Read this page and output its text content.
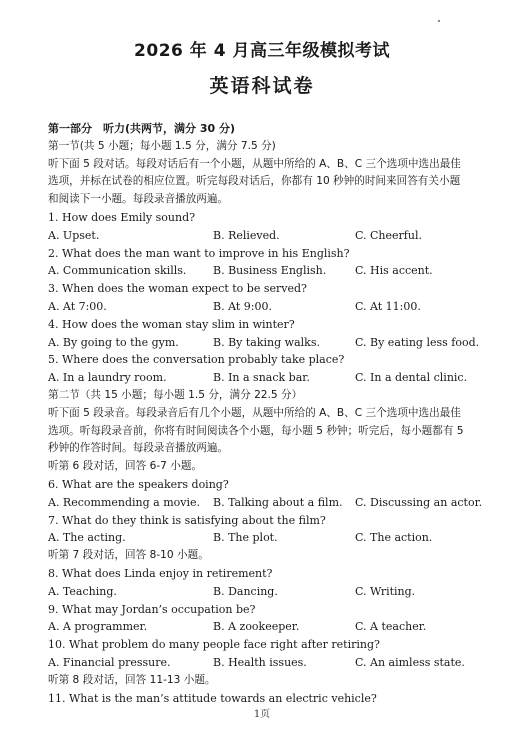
2026 年 4 月高三年级模拟考试
英语科试卷
第一部分　听力(共两节，满分 30 分)
第一节(共 5 小题；每小题 1.5 分，满分 7.5 分)
听下面 5 段对话。每段对话后有一个小题，从题中所给的 A、B、C 三个选项中选出最佳
选项，并标在试卷的相应位置。听完每段对话后，你都有 10 秒钟的时间来回答有关小题
和阅读下一小题。每段录音播放两遍。
1. How does Emily sound?
A. Upset.	B. Relieved.	C. Cheerful.
2. What does the man want to improve in his English?
A. Communication skills. B. Business English.	C. His accent.
3. When does the woman expect to be served?
A. At 7:00.	B. At 9:00.	C. At 11:00.
4. How does the woman stay slim in winter?
A. By going to the gym.	B. By taking walks.	C. By eating less food.
5. Where does the conversation probably take place?
A. In a laundry room.	B. In a snack bar.	C. In a dental clinic.
第二节（共 15 小题；每小题 1.5 分，满分 22.5 分）
听下面 5 段录音。每段录音后有几个小题，从题中所给的 A、B、C 三个选项中选出最佳
选项。听每段录音前，你将有时间阅读各个小题，每小题 5 秒钟；听完后，每小题都有 5
秒钟的作答时间。每段录音播放两遍。
听第 6 段对话，回答 6-7 小题。
6. What are the speakers doing?
A. Recommending a movie. B. Talking about a film. C. Discussing an actor.
7. What do they think is satisfying about the film?
A. The acting.	B. The plot.	C. The action.
听第 7 段对话，回答 8-10 小题。
8. What does Linda enjoy in retirement?
A. Teaching.	B. Dancing.	C. Writing.
9. What may Jordan’s occupation be?
A. A programmer.	B. A zookeeper.	C. A teacher.
10. What problem do many people face right after retiring?
A. Financial pressure.	B. Health issues.	C. An aimless state.
听第 8 段对话，回答 11-13 小题。
11. What is the man’s attitude towards an electric vehicle?
1页
